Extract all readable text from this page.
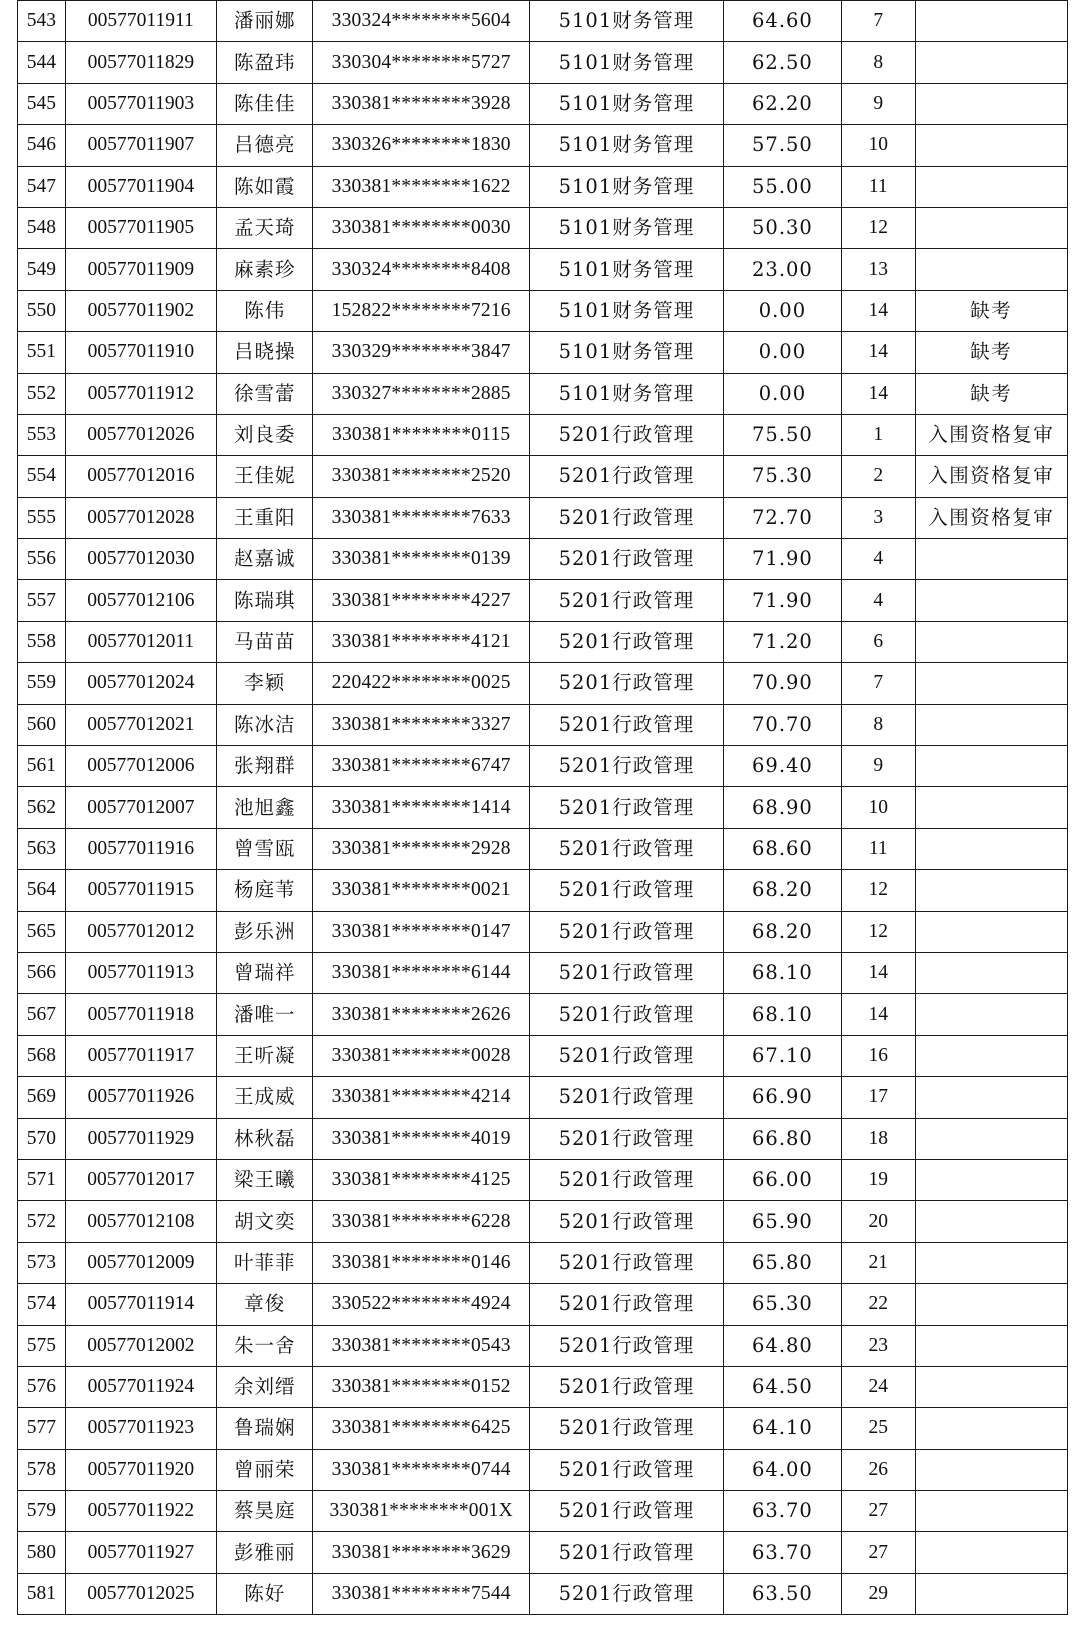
543	00577011911	潘丽娜	330324********5604	5101财务管理	64.60	7	
544	00577011829	陈盈玮	330304********5727	5101财务管理	62.50	8	
545	00577011903	陈佳佳	330381********3928	5101财务管理	62.20	9	
546	00577011907	吕德亮	330326********1830	5101财务管理	57.50	10	
547	00577011904	陈如霞	330381********1622	5101财务管理	55.00	11	
548	00577011905	孟天琦	330381********0030	5101财务管理	50.30	12	
549	00577011909	麻素珍	330324********8408	5101财务管理	23.00	13	
550	00577011902	陈伟	152822********7216	5101财务管理	0.00	14	缺考
551	00577011910	吕晓操	330329********3847	5101财务管理	0.00	14	缺考
552	00577011912	徐雪蕾	330327********2885	5101财务管理	0.00	14	缺考
553	00577012026	刘良委	330381********0115	5201行政管理	75.50	1	入围资格复审
554	00577012016	王佳妮	330381********2520	5201行政管理	75.30	2	入围资格复审
555	00577012028	王重阳	330381********7633	5201行政管理	72.70	3	入围资格复审
556	00577012030	赵嘉诚	330381********0139	5201行政管理	71.90	4	
557	00577012106	陈瑞琪	330381********4227	5201行政管理	71.90	4	
558	00577012011	马苗苗	330381********4121	5201行政管理	71.20	6	
559	00577012024	李颖	220422********0025	5201行政管理	70.90	7	
560	00577012021	陈冰洁	330381********3327	5201行政管理	70.70	8	
561	00577012006	张翔群	330381********6747	5201行政管理	69.40	9	
562	00577012007	池旭鑫	330381********1414	5201行政管理	68.90	10	
563	00577011916	曾雪瓯	330381********2928	5201行政管理	68.60	11	
564	00577011915	杨庭苇	330381********0021	5201行政管理	68.20	12	
565	00577012012	彭乐洲	330381********0147	5201行政管理	68.20	12	
566	00577011913	曾瑞祥	330381********6144	5201行政管理	68.10	14	
567	00577011918	潘唯一	330381********2626	5201行政管理	68.10	14	
568	00577011917	王听凝	330381********0028	5201行政管理	67.10	16	
569	00577011926	王成威	330381********4214	5201行政管理	66.90	17	
570	00577011929	林秋磊	330381********4019	5201行政管理	66.80	18	
571	00577012017	梁王曦	330381********4125	5201行政管理	66.00	19	
572	00577012108	胡文奕	330381********6228	5201行政管理	65.90	20	
573	00577012009	叶菲菲	330381********0146	5201行政管理	65.80	21	
574	00577011914	章俊	330522********4924	5201行政管理	65.30	22	
575	00577012002	朱一舍	330381********0543	5201行政管理	64.80	23	
576	00577011924	余刘缙	330381********0152	5201行政管理	64.50	24	
577	00577011923	鲁瑞娴	330381********6425	5201行政管理	64.10	25	
578	00577011920	曾丽荣	330381********0744	5201行政管理	64.00	26	
579	00577011922	蔡昊庭	330381********001X	5201行政管理	63.70	27	
580	00577011927	彭雅丽	330381********3629	5201行政管理	63.70	27	
581	00577012025	陈好	330381********7544	5201行政管理	63.50	29	
